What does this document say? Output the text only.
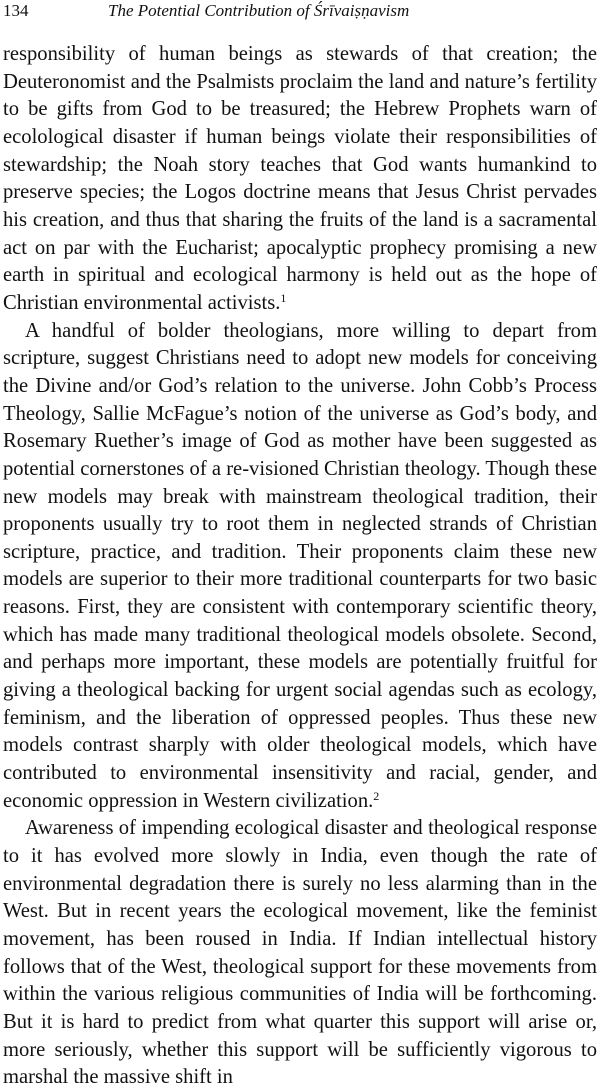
134	The Potential Contribution of Śrīvaiṣṇavism

responsibility of human beings as stewards of that creation; the Deuteronomist and the Psalmists proclaim the land and nature’s fertility to be gifts from God to be treasured; the Hebrew Prophets warn of ecolological disaster if human beings violate their responsibilities of stewardship; the Noah story teaches that God wants humankind to preserve species; the Logos doctrine means that Jesus Christ pervades his creation, and thus that sharing the fruits of the land is a sacramental act on par with the Eucharist; apocalyptic prophecy promising a new earth in spiritual and ecological harmony is held out as the hope of Christian environmental activists.$^1$

A handful of bolder theologians, more willing to depart from scripture, suggest Christians need to adopt new models for conceiving the Divine and/or God’s relation to the universe. John Cobb’s Process Theology, Sallie McFague’s notion of the universe as God’s body, and Rosemary Ruether’s image of God as mother have been suggested as potential cornerstones of a re-visioned Christian theology. Though these new models may break with mainstream theological tradition, their proponents usually try to root them in neglected strands of Christian scripture, practice, and tradition. Their proponents claim these new models are superior to their more traditional counterparts for two basic reasons. First, they are consistent with contemporary scientific theory, which has made many traditional theological models obsolete. Second, and perhaps more important, these models are potentially fruitful for giving a theological backing for urgent social agendas such as ecology, feminism, and the liberation of oppressed peoples. Thus these new models contrast sharply with older theological models, which have contributed to environmental insensitivity and racial, gender, and economic oppression in Western civilization.$^2$

Awareness of impending ecological disaster and theological response to it has evolved more slowly in India, even though the rate of environmental degradation there is surely no less alarming than in the West. But in recent years the ecological movement, like the feminist movement, has been roused in India. If Indian intellectual history follows that of the West, theological support for these movements from within the various religious communities of India will be forthcoming. But it is hard to predict from what quarter this support will arise or, more seriously, whether this support will be sufficiently vigorous to marshal the massive shift in
